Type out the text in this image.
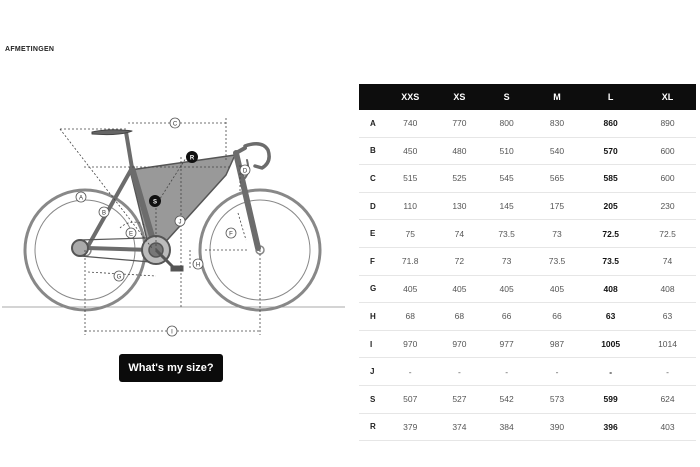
AFMETINGEN
A
B
C
D
E	F
G
H
I
J
S
R
What's my size?
	XXS	XS	S	M	L	XL
A	740	770	800	830	860	890
B	450	480	510	540	570	600
C	515	525	545	565	585	600
D	110	130	145	175	205	230
E	75	74	73.5	73	72.5	72.5
F	71.8	72	73	73.5	73.5	74
G	405	405	405	405	408	408
H	68	68	66	66	63	63
I	970	970	977	987	1005	1014
J	-	-	-	-	-	-
S	507	527	542	573	599	624
R	379	374	384	390	396	403
